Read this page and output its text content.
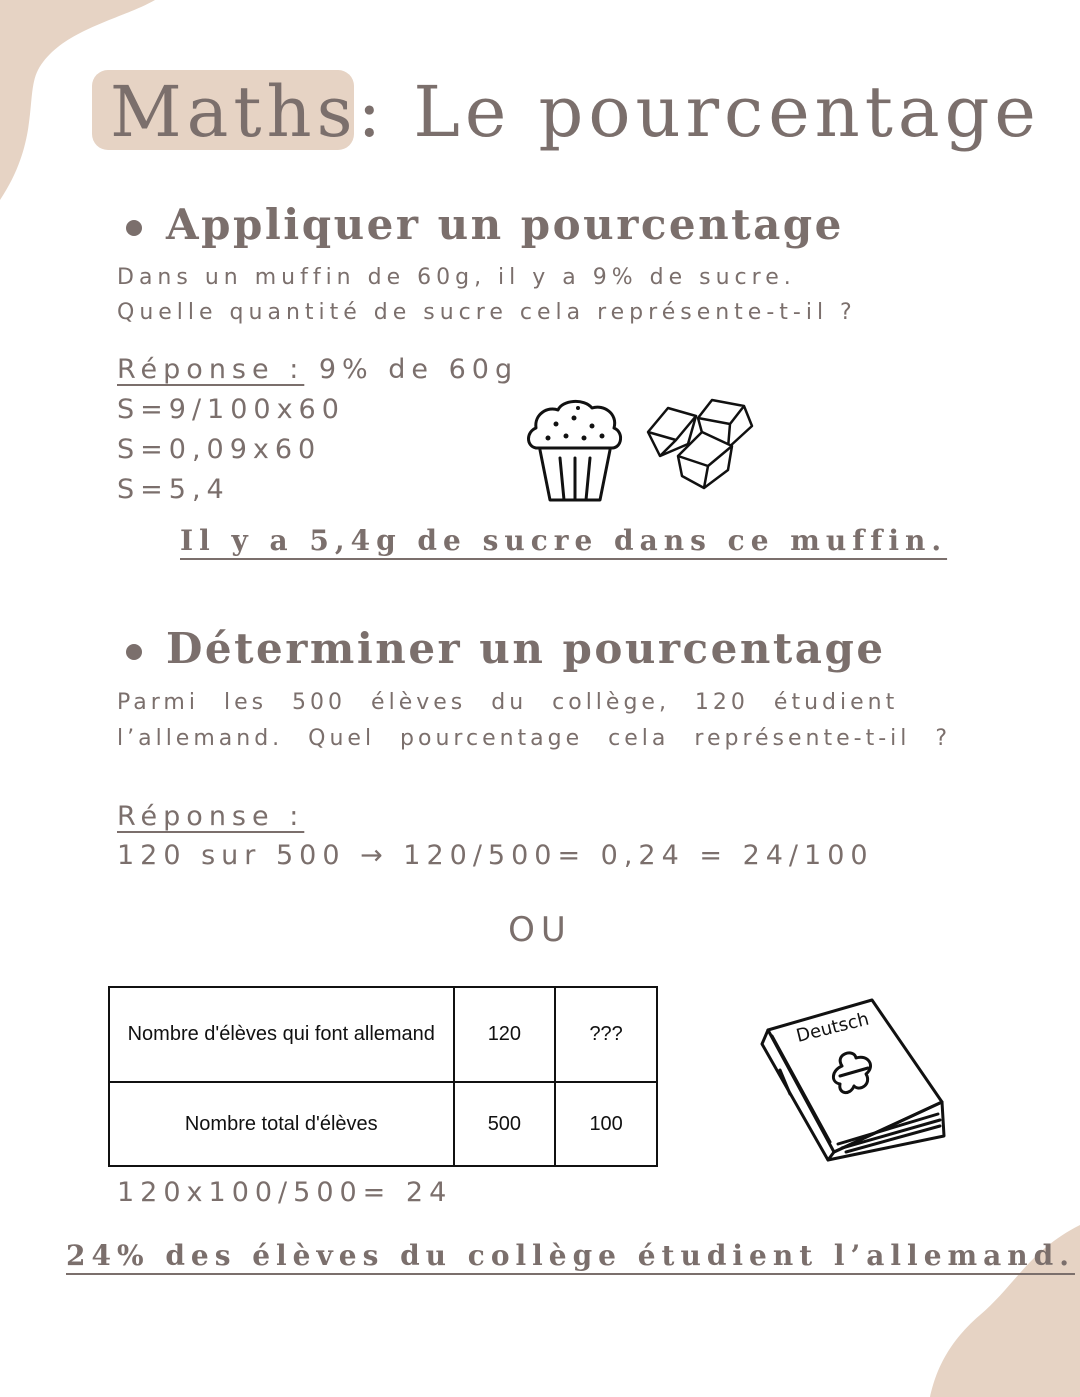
Maths: Le pourcentage
Appliquer un pourcentage
Dans un muffin de 60g, il y a 9% de sucre.
Quelle quantité de sucre cela représente-t-il ?
Réponse : 9% de 60g
S=9/100x60
S=0,09x60
S=5,4
Il y a 5,4g de sucre dans ce muffin.
Déterminer un pourcentage
Parmi les 500 élèves du collège, 120 étudient
l’allemand. Quel pourcentage cela représente-t-il ?
Réponse :
120 sur 500 → 120/500= 0,24 = 24/100
OU
Nombre d'élèves qui font allemand	120	???
Nombre total d'élèves	500	100
Deutsch
120x100/500= 24
24% des élèves du collège étudient l’allemand.
